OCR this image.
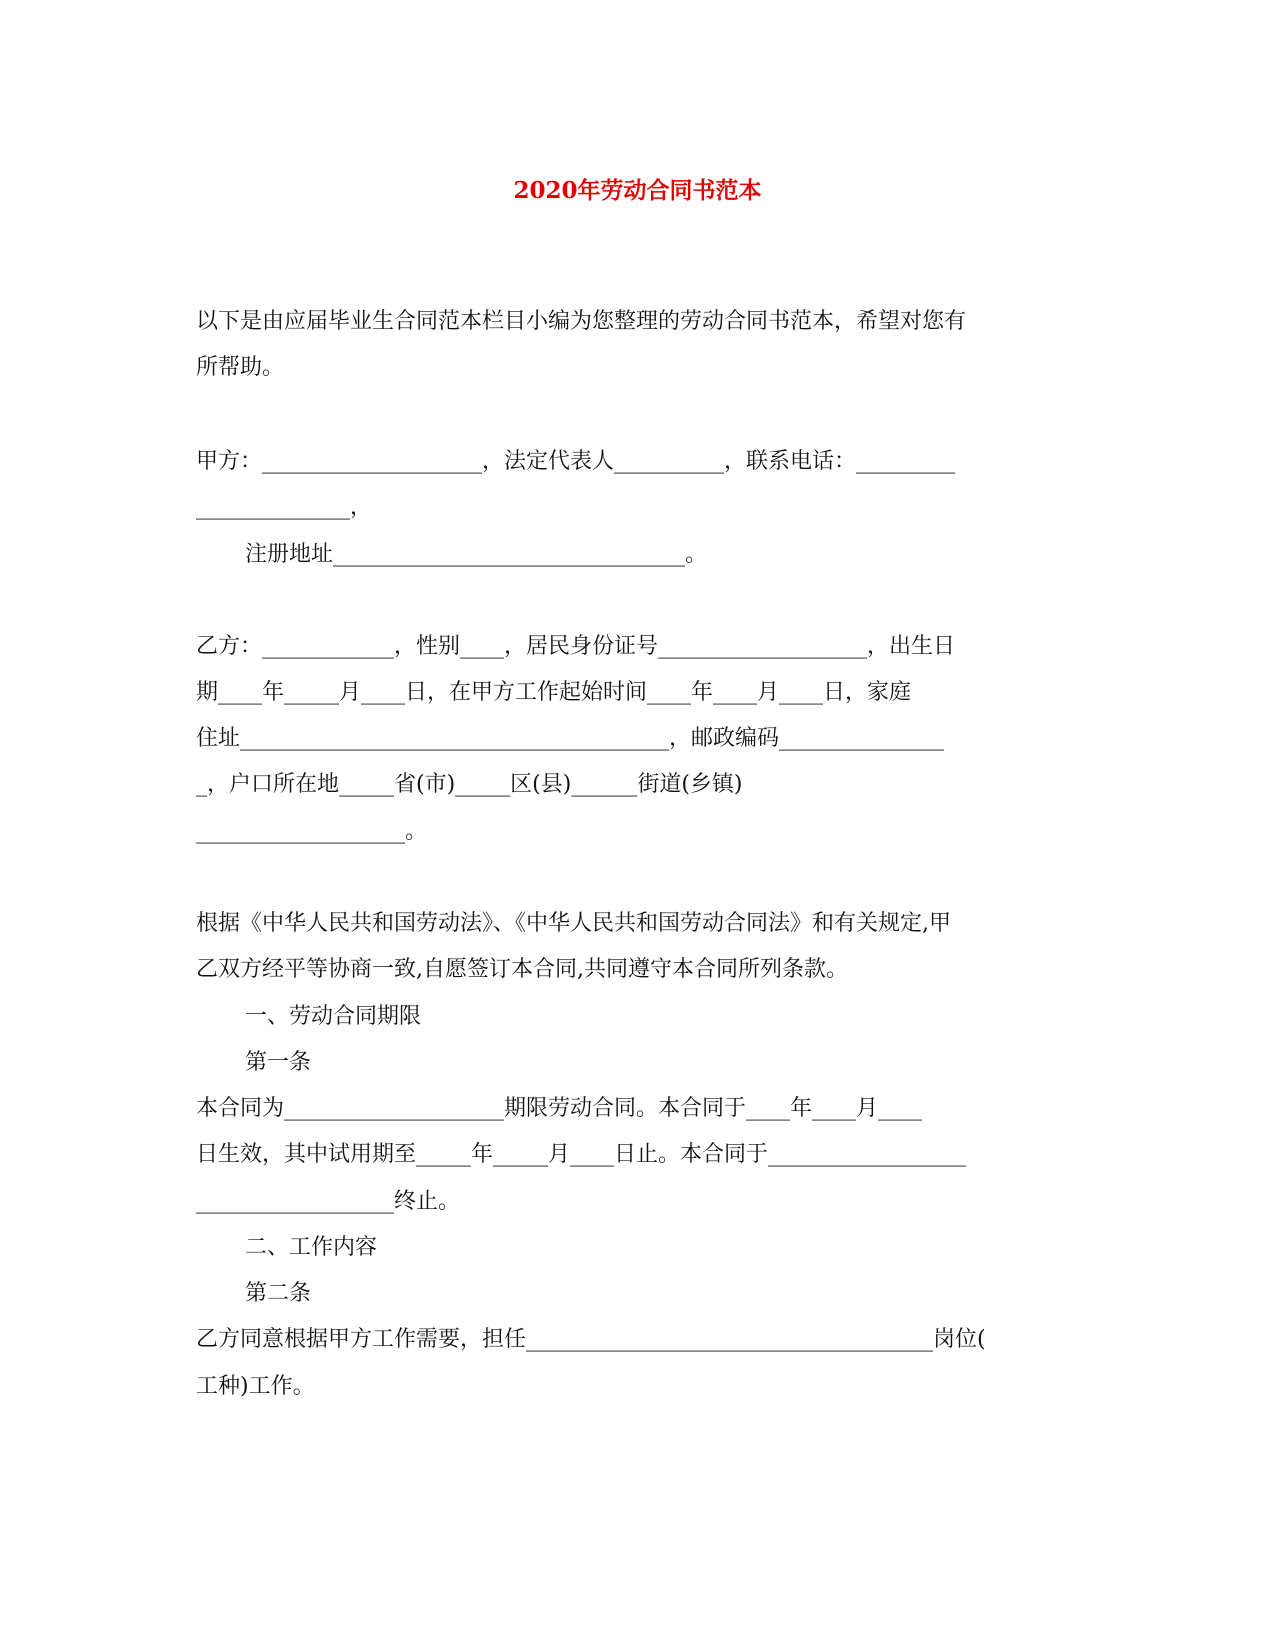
2020年劳动合同书范本
以下是由应届毕业生合同范本栏目小编为您整理的劳动合同书范本，希望对您有
所帮助。
甲方：____________________，法定代表人__________，联系电话：_________
______________，
注册地址________________________________。
乙方：____________，性别____，居民身份证号___________________，出生日
期____年_____月____日，在甲方工作起始时间____年____月____日，家庭
住址_______________________________________，邮政编码_______________
_，户口所在地_____省(市)_____区(县)______街道(乡镇)
___________________。
根据《中华人民共和国劳动法》、《中华人民共和国劳动合同法》和有关规定,甲
乙双方经平等协商一致,自愿签订本合同,共同遵守本合同所列条款。
一、劳动合同期限
第一条
本合同为____________________期限劳动合同。本合同于____年____月____
日生效，其中试用期至_____年_____月____日止。本合同于__________________
__________________终止。
二、工作内容
第二条
乙方同意根据甲方工作需要，担任_____________________________________岗位(
工种)工作。
